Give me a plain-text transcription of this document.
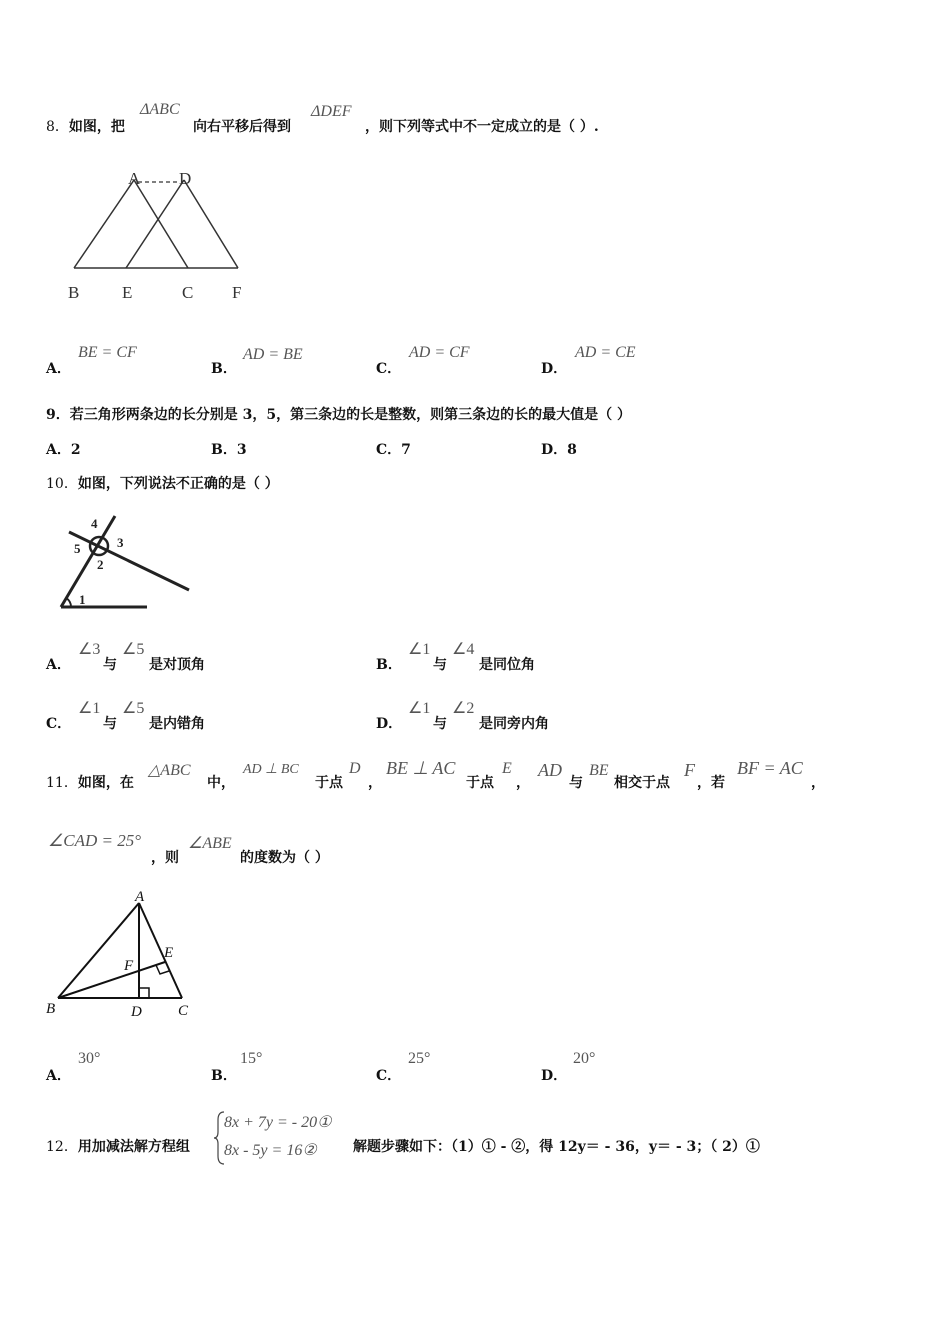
8．如图，把
ΔABC
向右平移后得到
ΔDEF
，则下列等式中不一定成立的是（ ）.
A D
B	E	C F
A．
BE = CF
B．
AD = BE
C．
AD = CF
D．
AD = CE
9．若三角形两条边的长分别是 3，5，第三条边的长是整数，则第三条边的长的最大值是（ ）
A．2	B．3	C．7	D．8
10．如图，下列说法不正确的是（ ）
1
2
3
4
5
A．
∠3
与
∠5
是对顶角	B．
∠1
与
∠4
是同位角
C．
∠1
与
∠5
是内错角	D．
∠1
与
∠2
是同旁内角
11．如图，在
△ABC
中，
AD ⊥ BC
于点
D
，
BE ⊥ AC
于点
E
，
AD
与
BE
相交于点
F
，若
BF = AC
，
∠CAD = 25°
，则
∠ABE
的度数为（ ）
A
B	C
D
E
F
A．
30°
B．
15°
C．
25°
D．
20°
12．用加减法解方程组
8x + 7y = - 20①
8x - 5y = 16②	解题步骤如下：（1）① - ②，得 12y＝ - 36，y＝ - 3；（ 2）①
